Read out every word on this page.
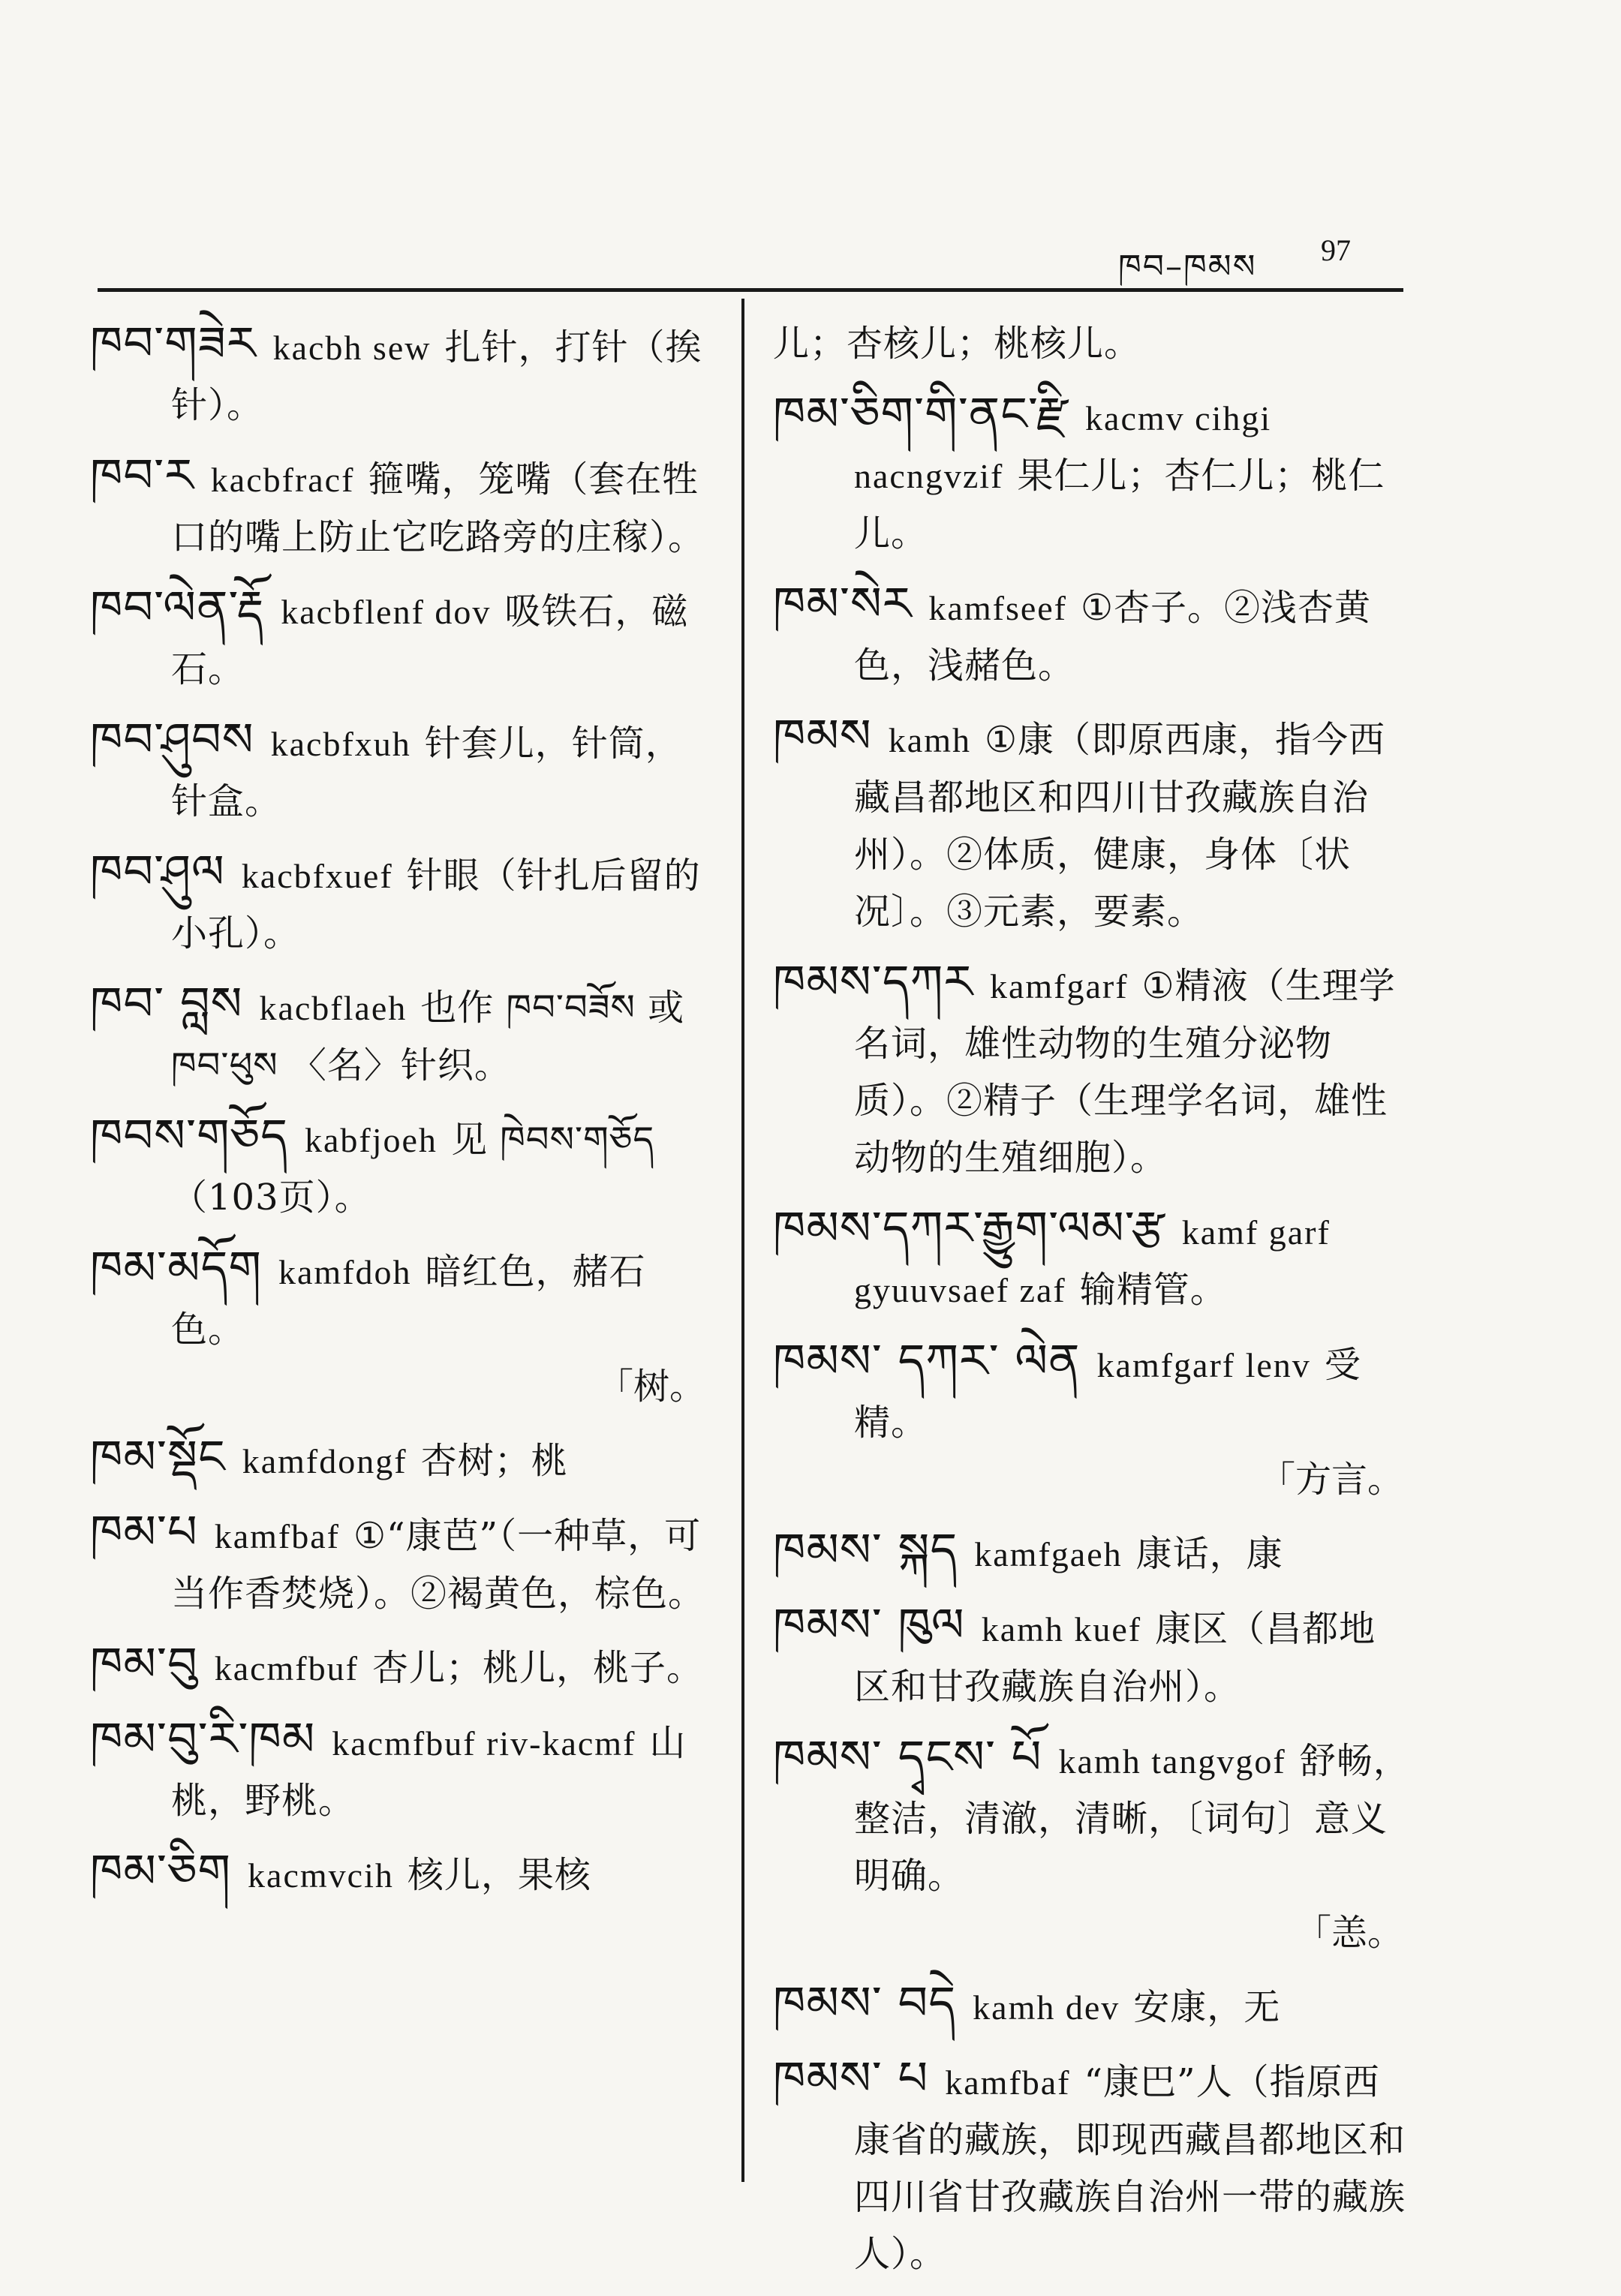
ཁབ–ཁམས 97
ཁབ་གཟེར kacbh sew 扎针，打针（挨针）。
ཁབ་ར kacbfracf 箍嘴，笼嘴（套在牲口的嘴上防止它吃路旁的庄稼）。
ཁབ་ལེན་རྡོ kacbflenf dov 吸铁石，磁石。
ཁབ་ཤུབས kacbfxuh 针套儿，针筒，针盒。
ཁབ་ཤུལ kacbfxuef 针眼（针扎后留的小孔）。
ཁབ་ བླས kacbflaeh 也作 ཁབ་བཟོས 或 ཁབ་ཕུས 〈名〉针织。
ཁབས་གཅོད kabfjoeh 见 ཁེབས་གཅོད （103页）。
ཁམ་མདོག kamfdoh 暗红色，赭石色。
「树。
ཁམ་སྡོང kamfdongf 杏树；桃
ཁམ་པ kamfbaf ①“康芭”（一种草，可当作香焚烧）。②褐黄色，棕色。
ཁམ་བུ kacmfbuf 杏儿；桃儿，桃子。
ཁམ་བུ་རི་ཁམ kacmfbuf riv-kacmf 山桃，野桃。
ཁམ་ཅིག kacmvcih 核儿，果核
儿；杏核儿；桃核儿。
ཁམ་ཅིག་གི་ནང་རྫི kacmv cihgi nacngvzif 果仁儿；杏仁儿；桃仁儿。
ཁམ་སེར kamfseef ①杏子。②浅杏黄色，浅赭色。
ཁམས kamh ①康（即原西康，指今西藏昌都地区和四川甘孜藏族自治州）。②体质，健康，身体〔状况〕。③元素，要素。
ཁམས་དཀར kamfgarf ①精液（生理学名词，雄性动物的生殖分泌物质）。②精子（生理学名词，雄性动物的生殖细胞）。
ཁམས་དཀར་རྒྱུག་ལམ་རྩ kamf garf gyuuvsaef zaf 输精管。
ཁམས་ དཀར་ ལེན kamfgarf lenv 受精。
「方言。
ཁམས་ སྐད kamfgaeh 康话，康
ཁམས་ ཁུལ kamh kuef 康区（昌都地区和甘孜藏族自治州）。
ཁམས་ དྭངས་ པོ kamh tangvgof 舒畅，整洁，清澈，清晰，〔词句〕意义明确。
「恙。
ཁམས་ བདེ kamh dev 安康，无
ཁམས་ པ kamfbaf “康巴”人（指原西康省的藏族，即现西藏昌都地区和四川省甘孜藏族自治州一带的藏族人）。
